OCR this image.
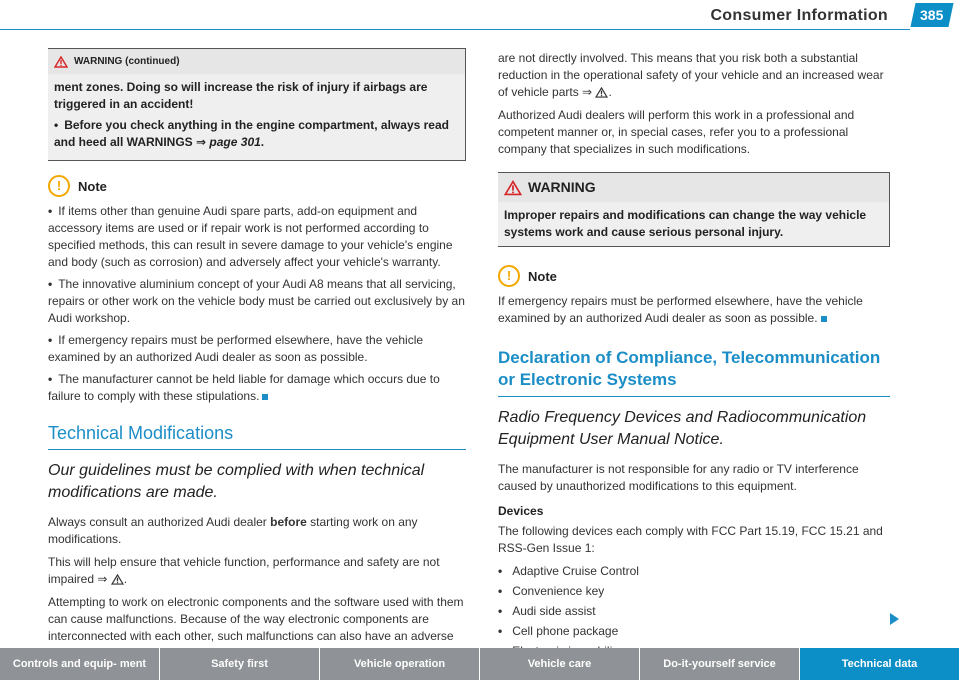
Consumer Information 385
WARNING (continued)

ment zones. Doing so will increase the risk of injury if airbags are triggered in an accident!

• Before you check anything in the engine compartment, always read and heed all WARNINGS ⇒ page 301.

!	Note

• If items other than genuine Audi spare parts, add-on equipment and accessory items are used or if repair work is not performed according to specified methods, this can result in severe damage to your vehicle's engine and body (such as corrosion) and adversely affect your vehicle's warranty.

• The innovative aluminium concept of your Audi A8 means that all servicing, repairs or other work on the vehicle body must be carried out exclusively by an Audi workshop.

• If emergency repairs must be performed elsewhere, have the vehicle examined by an authorized Audi dealer as soon as possible.

• The manufacturer cannot be held liable for damage which occurs due to failure to comply with these stipulations.

Technical Modifications
Our guidelines must be complied with when technical modifications are made.

Always consult an authorized Audi dealer before starting work on any modifications.

This will help ensure that vehicle function, performance and safety are not impaired ⇒ .

Attempting to work on electronic components and the software used with them can cause malfunctions. Because of the way electronic components are interconnected with each other, such malfunctions can also have an adverse

are not directly involved. This means that you risk both a substantial reduction in the operational safety of your vehicle and an increased wear of vehicle parts ⇒ .

Authorized Audi dealers will perform this work in a professional and competent manner or, in special cases, refer you to a professional company that specializes in such modifications.

WARNING
Improper repairs and modifications can change the way vehicle systems work and cause serious personal injury.
!	Note

If emergency repairs must be performed elsewhere, have the vehicle examined by an authorized Audi dealer as soon as possible.

Declaration of Compliance, Telecommunication or Electronic Systems
Radio Frequency Devices and Radiocommunication Equipment User Manual Notice.

The manufacturer is not responsible for any radio or TV interference caused by unauthorized modifications to this equipment.

Devices

The following devices each comply with FCC Part 15.19, FCC 15.21 and RSS-Gen Issue 1:

• Adaptive Cruise Control
• Convenience key
• Audi side assist
• Cell phone package
Controls and equip- ment	Safety first	Vehicle operation	Vehicle care	Do-it-yourself service	Technical data
